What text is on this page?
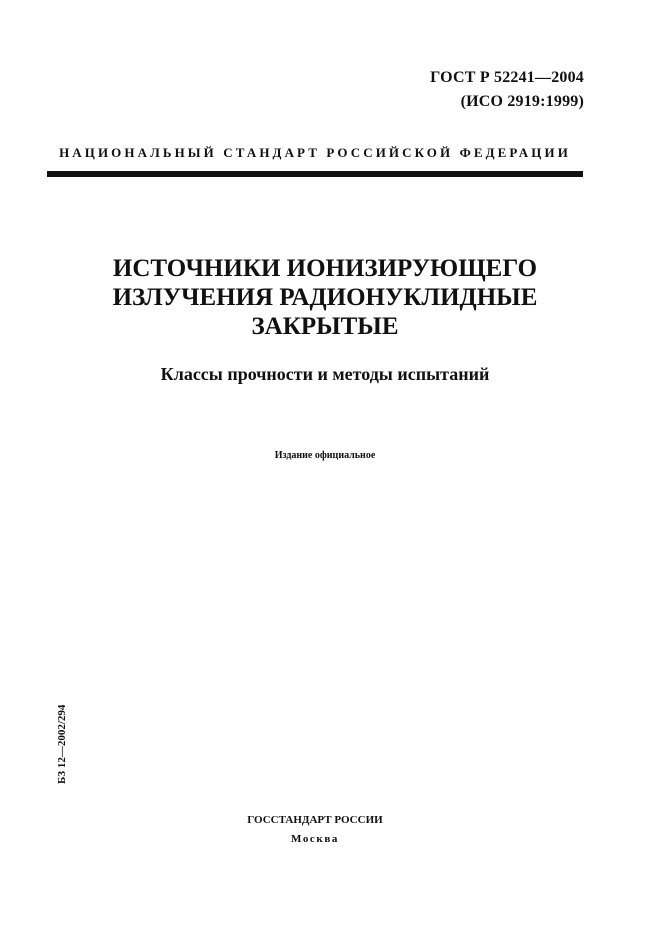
ГОСТ Р 52241—2004
(ИСО 2919:1999)
НАЦИОНАЛЬНЫЙ СТАНДАРТ РОССИЙСКОЙ ФЕДЕРАЦИИ
ИСТОЧНИКИ ИОНИЗИРУЮЩЕГО
ИЗЛУЧЕНИЯ РАДИОНУКЛИДНЫЕ
ЗАКРЫТЫЕ
Классы прочности и методы испытаний
Издание официальное
БЗ 12—2002/294
ГОССТАНДАРТ РОССИИ
Москва
